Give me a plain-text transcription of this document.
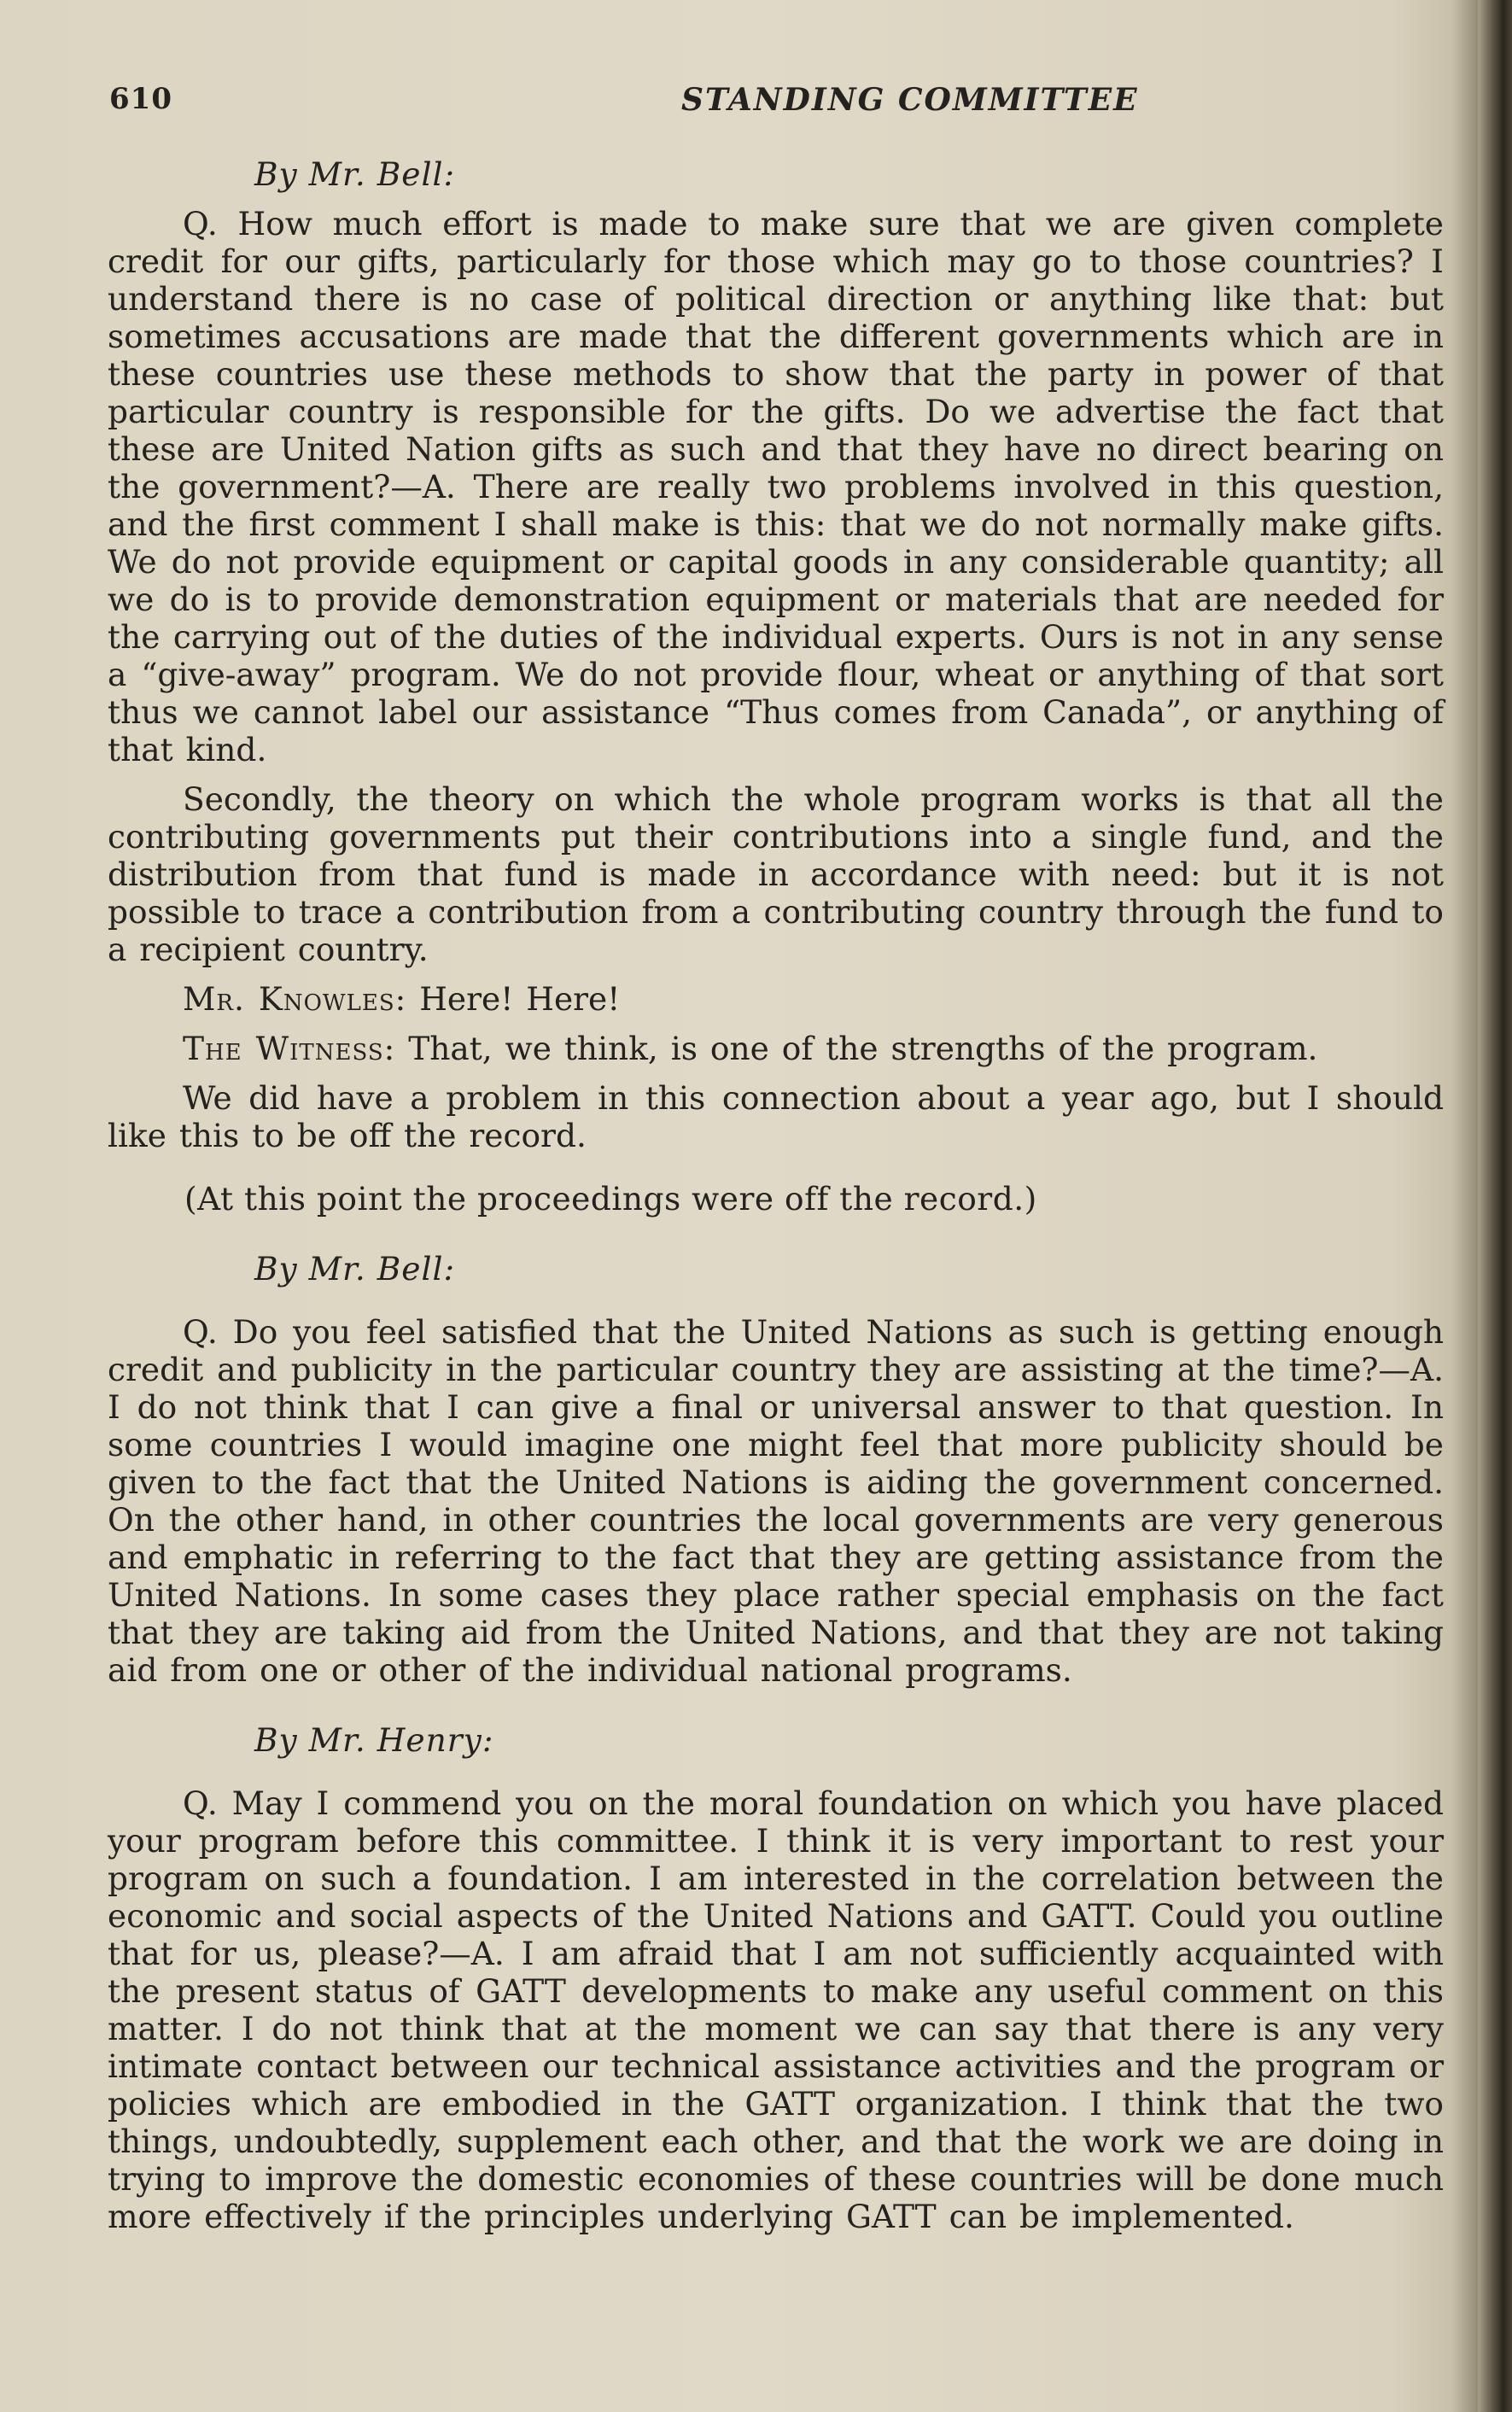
610	STANDING COMMITTEE

By Mr. Bell:

Q. How much effort is made to make sure that we are given complete credit for our gifts, particularly for those which may go to those countries? I understand there is no case of political direction or anything like that: but sometimes accusations are made that the different governments which are in these countries use these methods to show that the party in power of that particular country is responsible for the gifts. Do we advertise the fact that these are United Nation gifts as such and that they have no direct bearing on the government?—A. There are really two problems involved in this question, and the first comment I shall make is this: that we do not normally make gifts. We do not provide equipment or capital goods in any considerable quantity; all we do is to provide demonstration equipment or materials that are needed for the carrying out of the duties of the individual experts. Ours is not in any sense a “give-away” program. We do not provide flour, wheat or anything of that sort thus we cannot label our assistance “Thus comes from Canada”, or anything of that kind.

Secondly, the theory on which the whole program works is that all the contributing governments put their contributions into a single fund, and the distribution from that fund is made in accordance with need: but it is not possible to trace a contribution from a contributing country through the fund to a recipient country.

Mr. Knowles: Here! Here!

The Witness: That, we think, is one of the strengths of the program.

We did have a problem in this connection about a year ago, but I should like this to be off the record.

(At this point the proceedings were off the record.)

By Mr. Bell:

Q. Do you feel satisfied that the United Nations as such is getting enough credit and publicity in the particular country they are assisting at the time?—A. I do not think that I can give a final or universal answer to that question. In some countries I would imagine one might feel that more publicity should be given to the fact that the United Nations is aiding the government concerned. On the other hand, in other countries the local governments are very generous and emphatic in referring to the fact that they are getting assistance from the United Nations. In some cases they place rather special emphasis on the fact that they are taking aid from the United Nations, and that they are not taking aid from one or other of the individual national programs.

By Mr. Henry:

Q. May I commend you on the moral foundation on which you have placed your program before this committee. I think it is very important to rest your program on such a foundation. I am interested in the correlation between the economic and social aspects of the United Nations and GATT. Could you outline that for us, please?—A. I am afraid that I am not sufficiently acquainted with the present status of GATT developments to make any useful comment on this matter. I do not think that at the moment we can say that there is any very intimate contact between our technical assistance activities and the program or policies which are embodied in the GATT organization. I think that the two things, undoubtedly, supplement each other, and that the work we are doing in trying to improve the domestic economies of these countries will be done much more effectively if the principles underlying GATT can be implemented.
